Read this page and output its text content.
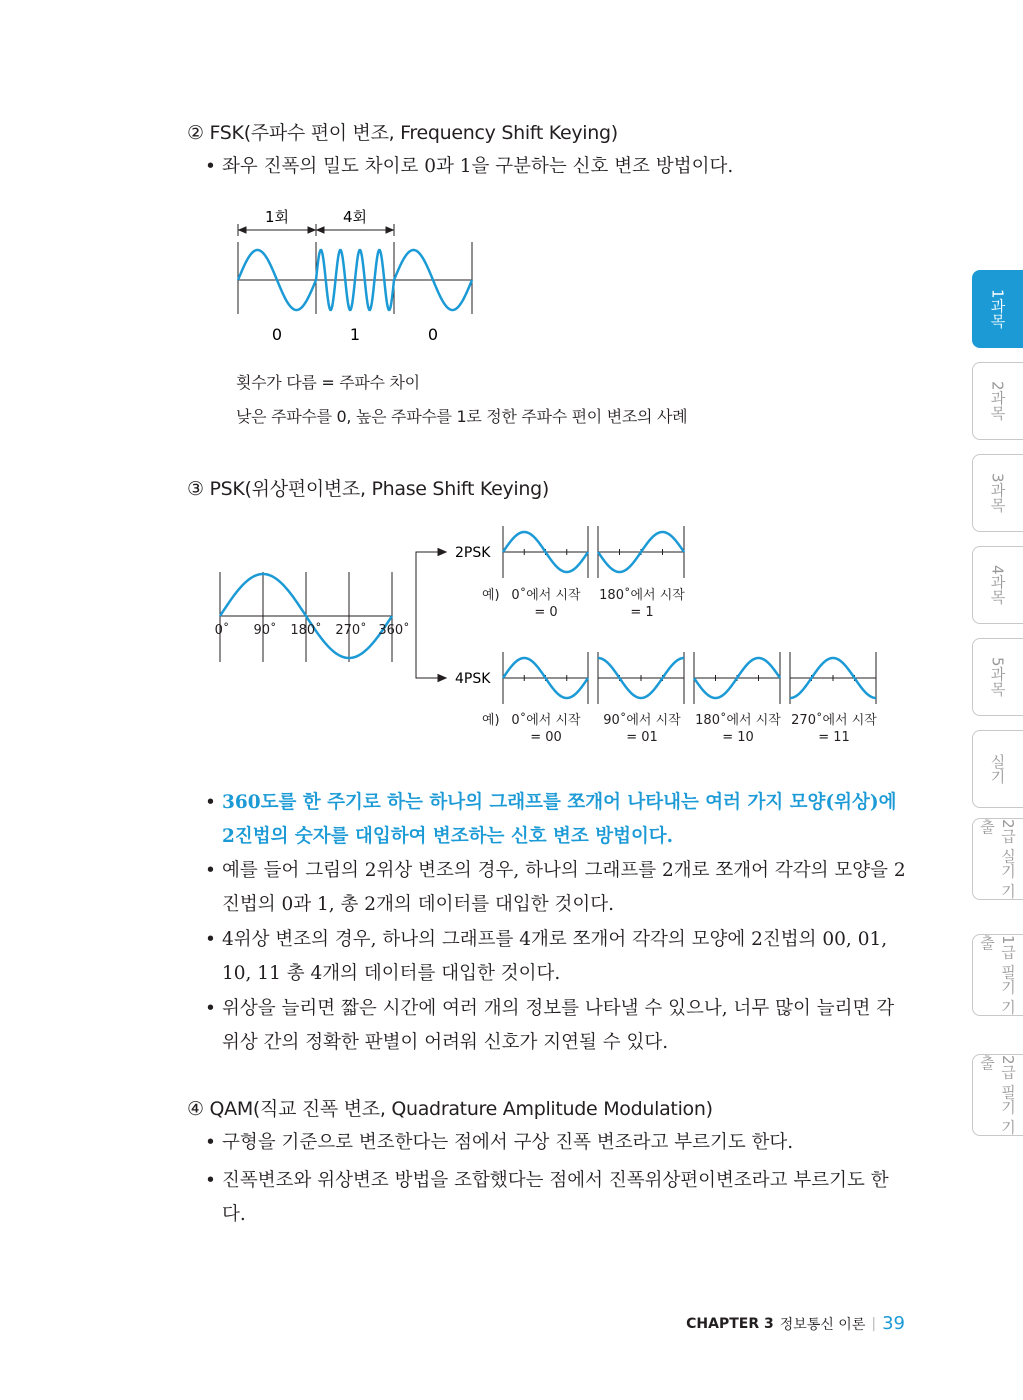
② FSK(주파수 편이 변조, Frequency Shift Keying)
• 좌우 진폭의 밀도 차이로 0과 1을 구분하는 신호 변조 방법이다.
1회	4회
0	1	0
횟수가 다름 = 주파수 차이
낮은 주파수를 0, 높은 주파수를 1로 정한 주파수 편이 변조의 사례
③ PSK(위상편이변조, Phase Shift Keying)
0˚ 90˚ 180˚ 270˚ 360˚
2PSK
4PSK
예) 0˚에서 시작
= 0
180˚에서 시작
= 1
예) 0˚에서 시작
= 00
90˚에서 시작
= 01
180˚에서 시작
= 10
270˚에서 시작
= 11
• 360도를 한 주기로 하는 하나의 그래프를 쪼개어 나타내는 여러 가지 모양(위상)에 2진법의 숫자를 대입하여 변조하는 신호 변조 방법이다.
• 예를 들어 그림의 2위상 변조의 경우, 하나의 그래프를 2개로 쪼개어 각각의 모양을 2진법의 0과 1, 총 2개의 데이터를 대입한 것이다.
• 4위상 변조의 경우, 하나의 그래프를 4개로 쪼개어 각각의 모양에 2진법의 00, 01, 10, 11 총 4개의 데이터를 대입한 것이다.
• 위상을 늘리면 짧은 시간에 여러 개의 정보를 나타낼 수 있으나, 너무 많이 늘리면 각 위상 간의 정확한 판별이 어려워 신호가 지연될 수 있다.
④ QAM(직교 진폭 변조, Quadrature Amplitude Modulation)
• 구형을 기준으로 변조한다는 점에서 구상 진폭 변조라고 부르기도 한다.
• 진폭변조와 위상변조 방법을 조합했다는 점에서 진폭위상편이변조라고 부르기도 한다.
1과목
2과목
3과목
4과목
5과목
실기
2급 실기 기출
1급 필기 기출
2급 필기 기출
CHAPTER 3 정보통신 이론 | 39
